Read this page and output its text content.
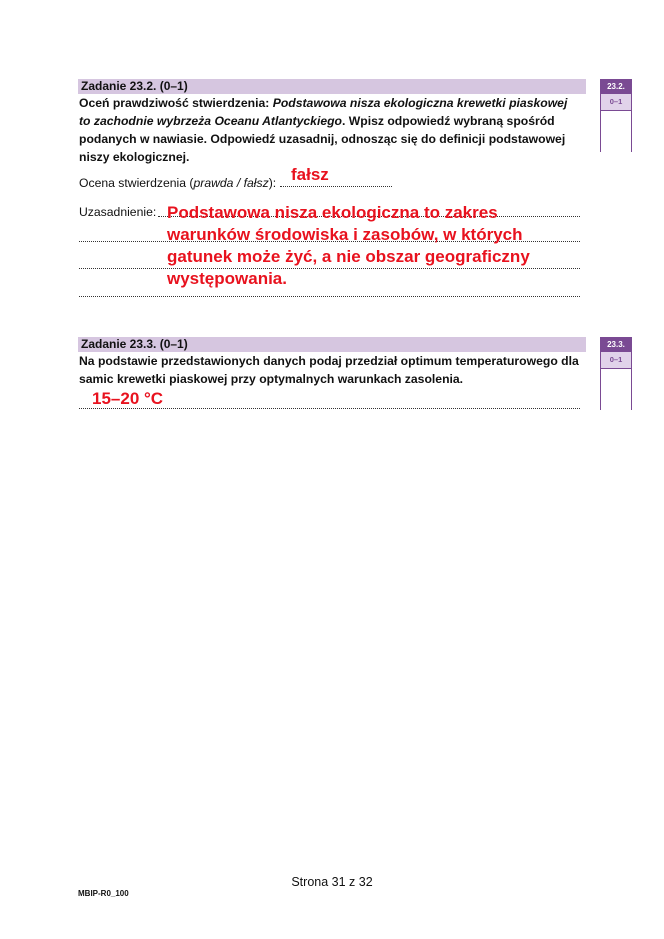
Zadanie 23.2. (0–1)
Oceń prawdziwość stwierdzenia: Podstawowa nisza ekologiczna krewetki piaskowej
to zachodnie wybrzeża Oceanu Atlantyckiego. Wpisz odpowiedź wybraną spośród
podanych w nawiasie. Odpowiedź uzasadnij, odnosząc się do definicji podstawowej
niszy ekologicznej.
Ocena stwierdzenia (prawda / fałsz): fałsz
Uzasadnienie: Podstawowa nisza ekologiczna to zakres
warunków środowiska i zasobów, w których
gatunek może żyć, a nie obszar geograficzny
występowania.
23.2.
0–1
Zadanie 23.3. (0–1)
Na podstawie przedstawionych danych podaj przedział optimum temperaturowego dla
samic krewetki piaskowej przy optymalnych warunkach zasolenia.
15–20 °C
23.3.
0–1
Strona 31 z 32
MBIP-R0_100
